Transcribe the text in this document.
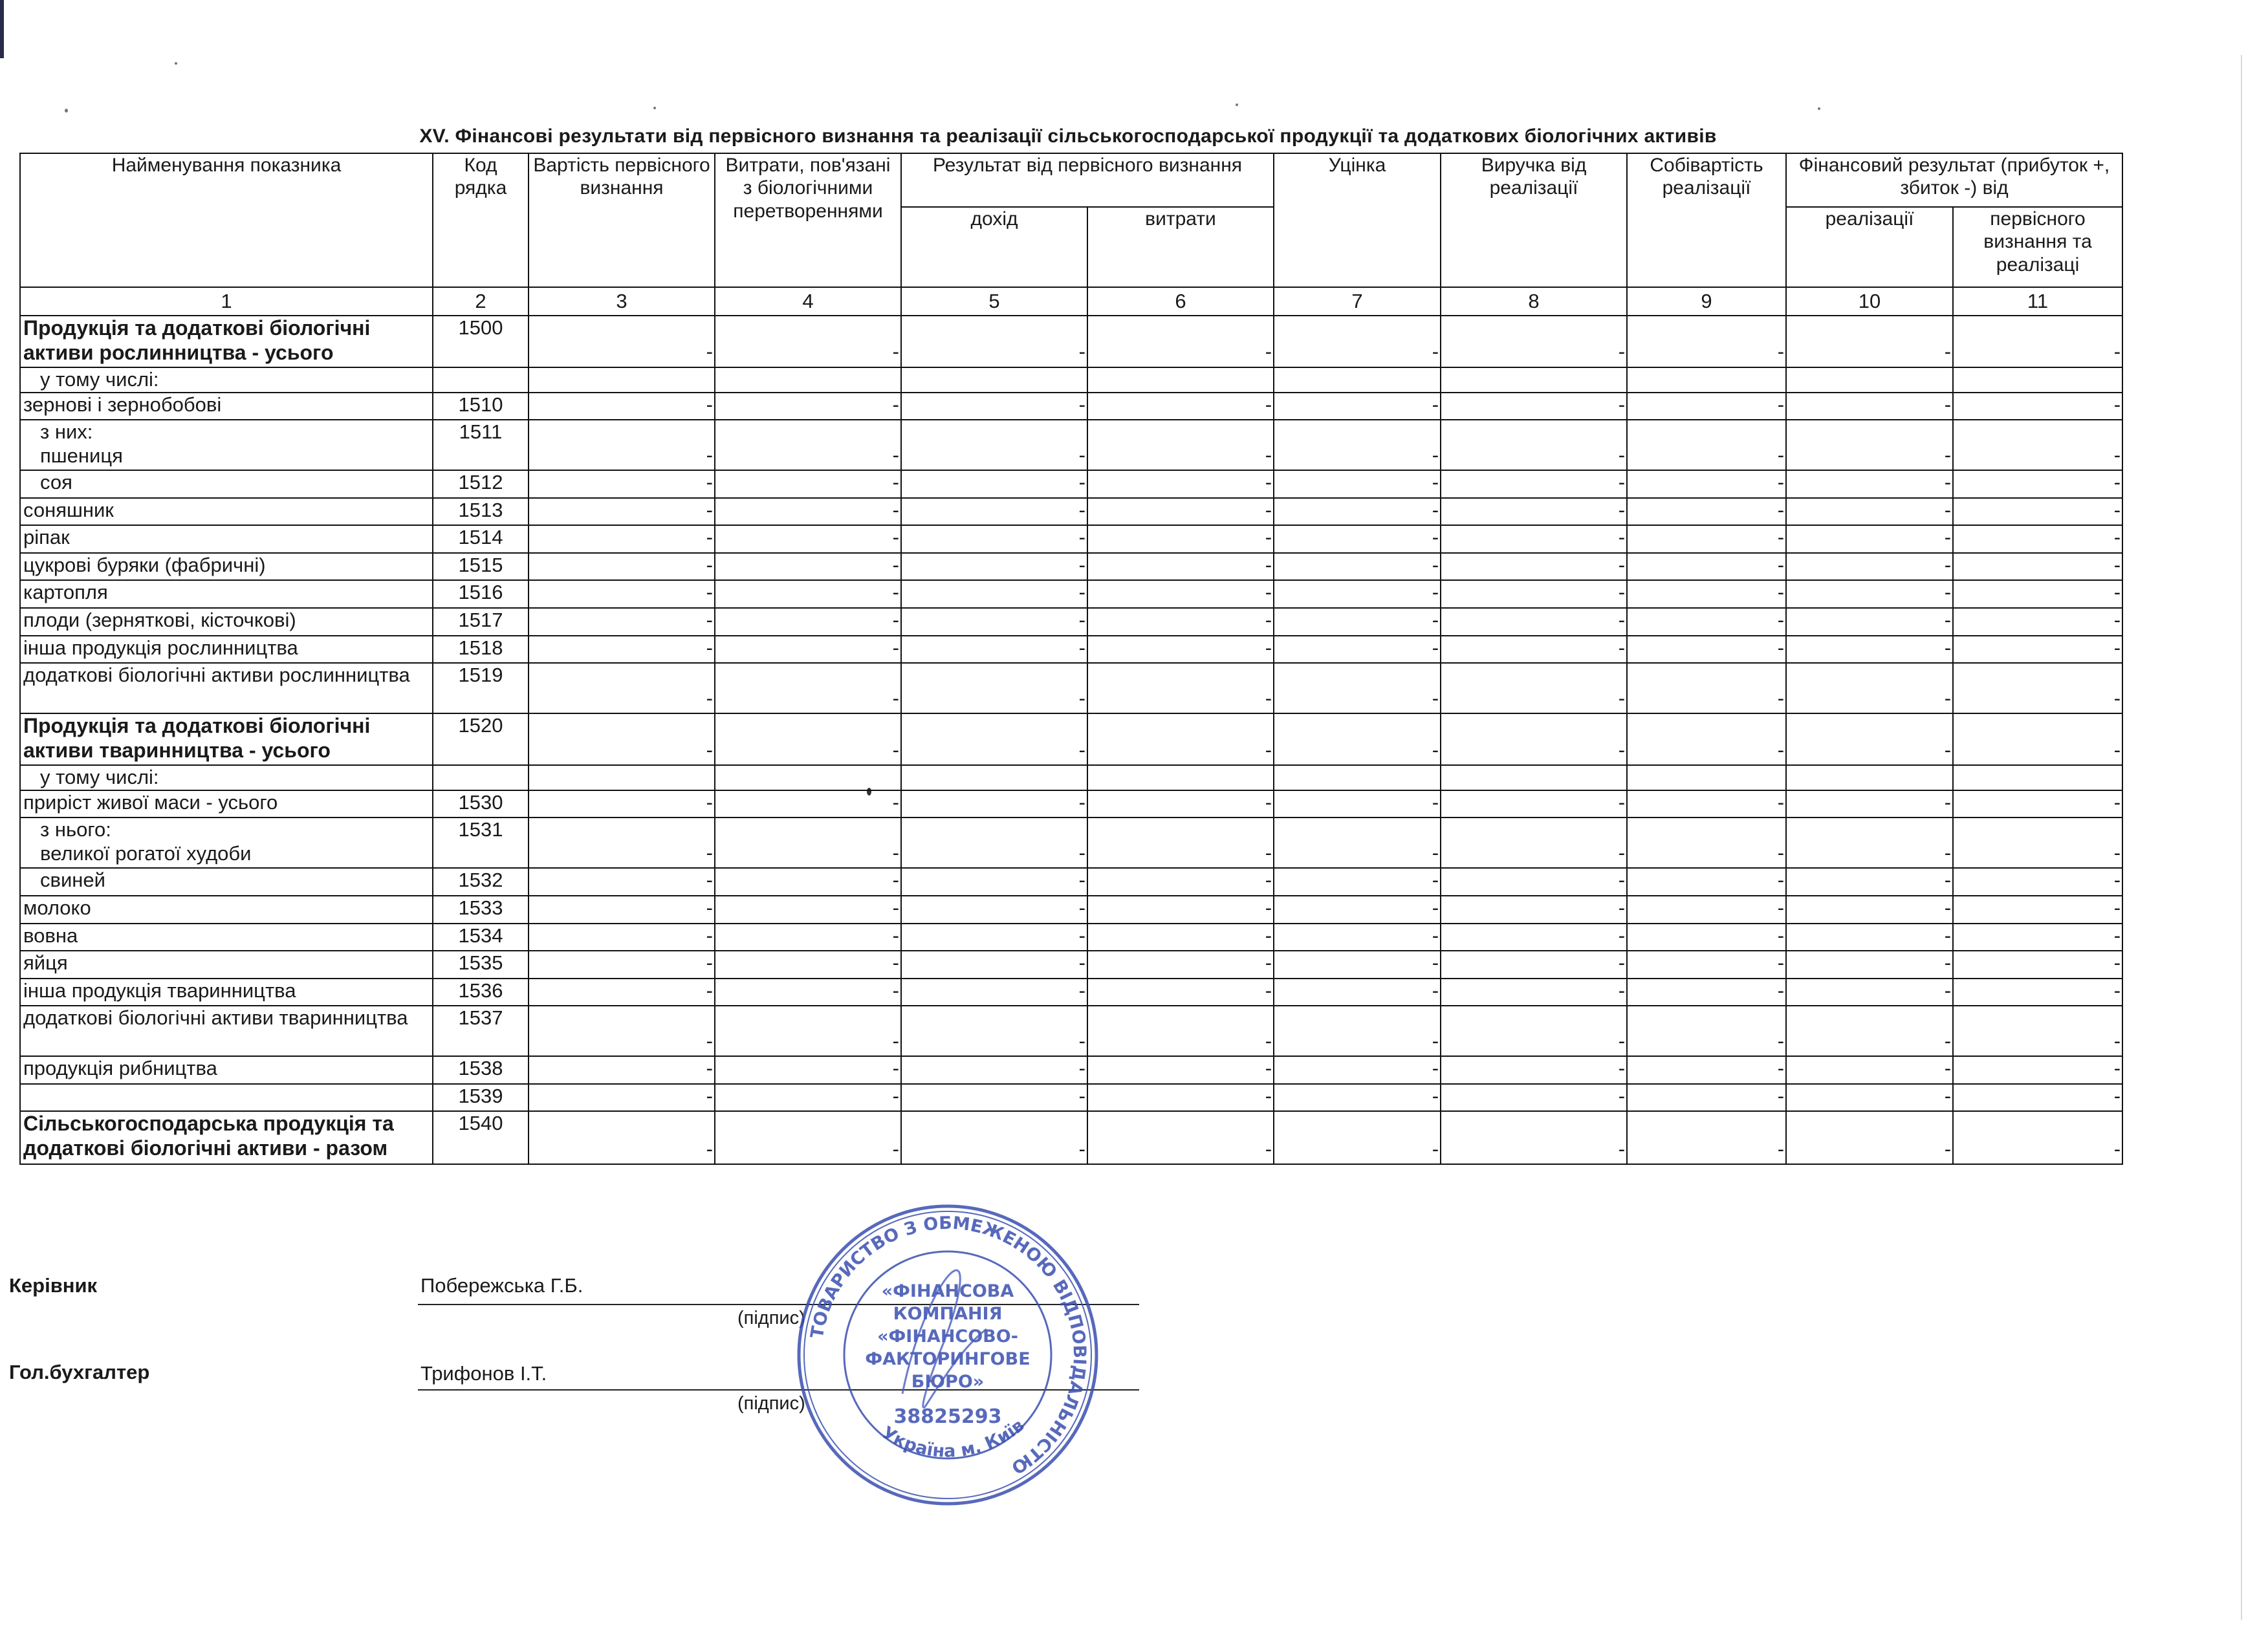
XV. Фінансові результати від первісного визнання та реалізації сільськогосподарської продукції та додаткових біологічних активів
Найменування показника	Код рядка	Вартість первісного визнання	Витрати, пов'язані з біологічними перетвореннями	Результат від первісного визнання		Уцінка	Виручка від реалізації	Собівартість реалізації	Фінансовий результат (прибуток +, збиток -) від	
				дохід	витрати				реалізації	первісного визнання та реалізаці
1	2	3	4	5	6	7	8	9	10	11
Продукція та додаткові біологічні активи рослинництва - усього	1500	-	-	-	-	-	-	-	-	-
у тому числі:										
зернові і зернобобові	1510	-	-	-	-	-	-	-	-	-
з них:
пшениця	1511	-	-	-	-	-	-	-	-	-
соя	1512	-	-	-	-	-	-	-	-	-
соняшник	1513	-	-	-	-	-	-	-	-	-
ріпак	1514	-	-	-	-	-	-	-	-	-
цукрові буряки (фабричні)	1515	-	-	-	-	-	-	-	-	-
картопля	1516	-	-	-	-	-	-	-	-	-
плоди (зерняткові, кісточкові)	1517	-	-	-	-	-	-	-	-	-
інша продукція рослинництва	1518	-	-	-	-	-	-	-	-	-
додаткові біологічні активи рослинництва	1519	-	-	-	-	-	-	-	-	-
Продукція та додаткові біологічні активи тваринництва - усього	1520	-	-	-	-	-	-	-	-	-
у тому числі:										
приріст живої маси - усього	1530	-	-	-	-	-	-	-	-	-
з нього:
великої рогатої худоби	1531	-	-	-	-	-	-	-	-	-
свиней	1532	-	-	-	-	-	-	-	-	-
молоко	1533	-	-	-	-	-	-	-	-	-
вовна	1534	-	-	-	-	-	-	-	-	-
яйця	1535	-	-	-	-	-	-	-	-	-
інша продукція тваринництва	1536	-	-	-	-	-	-	-	-	-
додаткові біологічні активи тваринництва	1537	-	-	-	-	-	-	-	-	-
продукція рибництва	1538	-	-	-	-	-	-	-	-	-
	1539	-	-	-	-	-	-	-	-	-
Сільськогосподарська продукція та додаткові біологічні активи - разом	1540	-	-	-	-	-	-	-	-	-
Керівник	Побережська Г.Б.
(підпис)
Гол.бухгалтер	Трифонов І.Т.
(підпис)
ТОВАРИСТВО З ОБМЕЖЕНОЮ ВІДПОВІДАЛЬНІСТЮ
«ФІНАНСОВА
КОМПАНІЯ
«ФІНАНСОВО-
ФАКТОРИНГОВЕ
БЮРО»
38825293
Україна м. Київ
